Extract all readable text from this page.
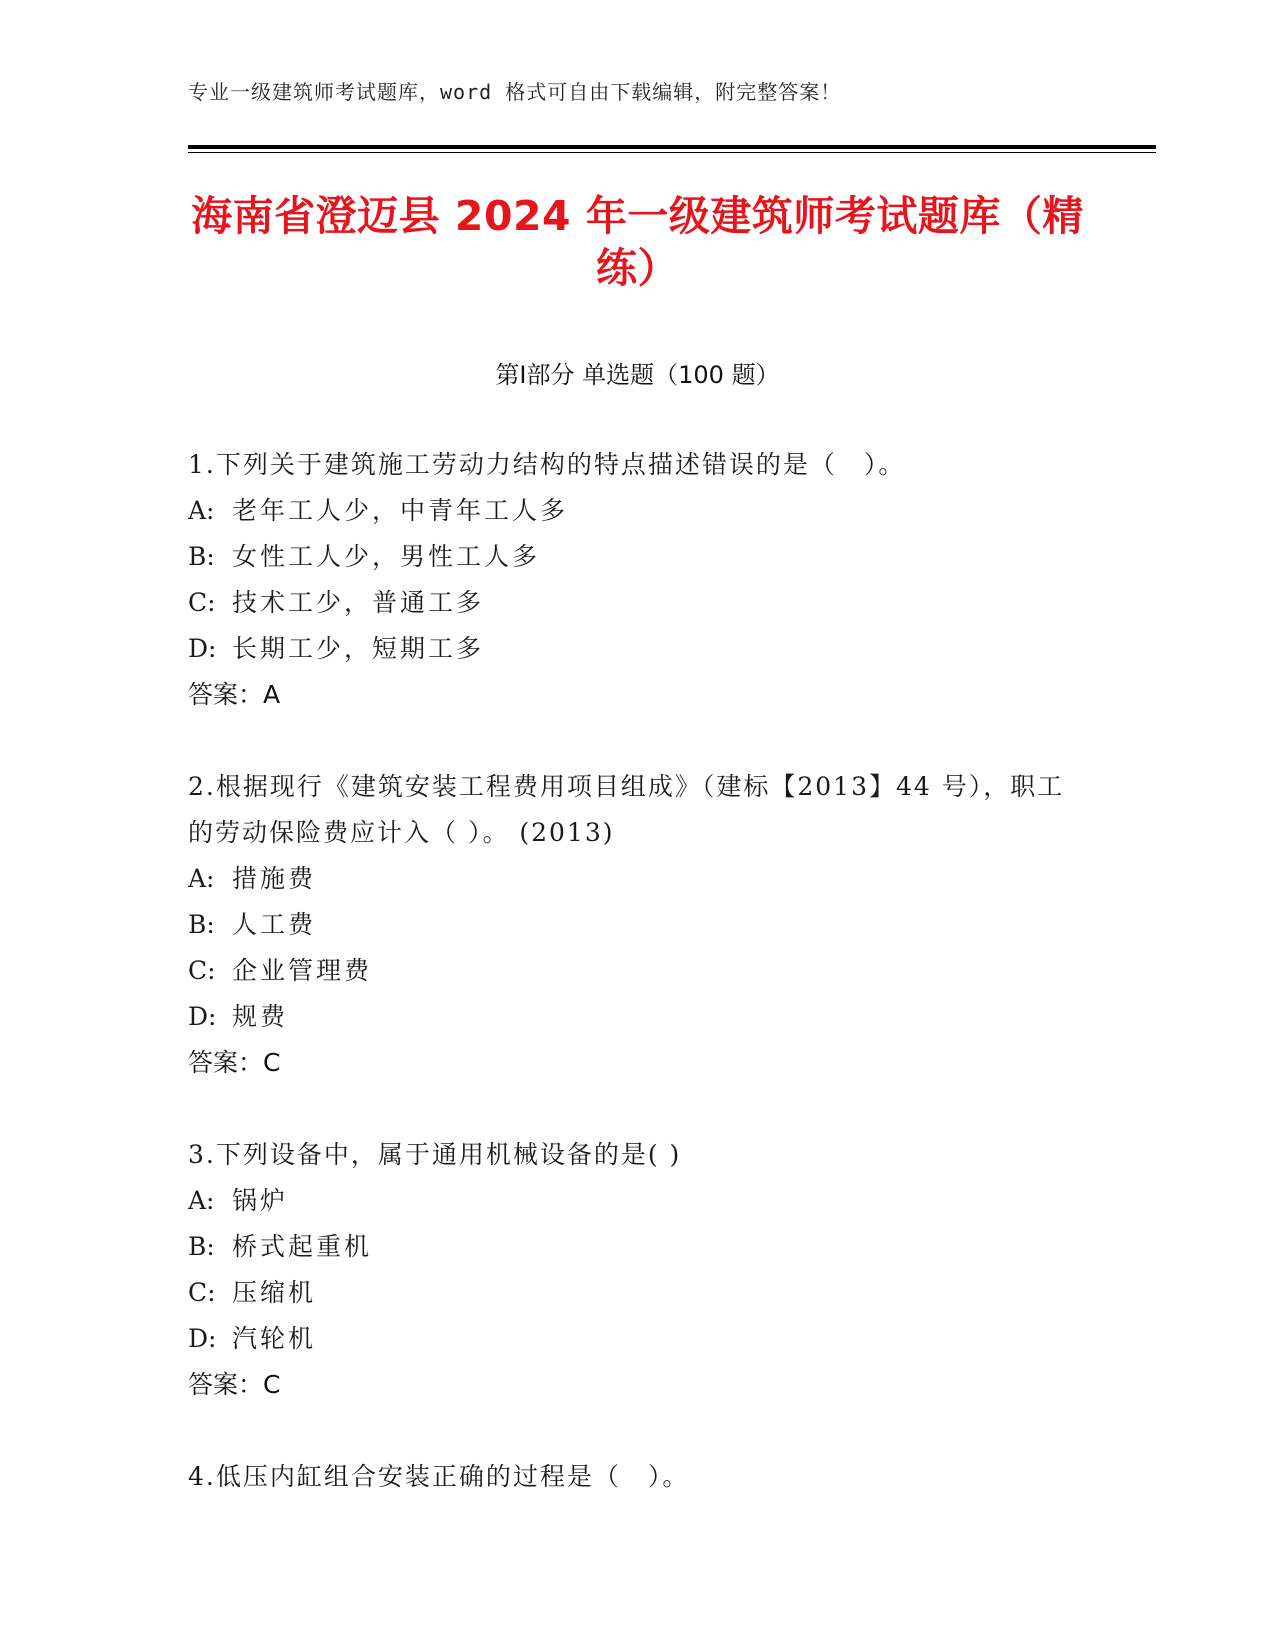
专业一级建筑师考试题库，word 格式可自由下载编辑，附完整答案！
海南省澄迈县 2024 年一级建筑师考试题库（精练）
第Ⅰ部分 单选题（100 题）
1.下列关于建筑施工劳动力结构的特点描述错误的是（　）。
A: 老年工人少，中青年工人多
B: 女性工人少，男性工人多
C: 技术工少，普通工多
D: 长期工少，短期工多
答案：A
2.根据现行《建筑安装工程费用项目组成》（建标【2013】44 号），职工的劳动保险费应计入（ ）。 (2013)
A: 措施费
B: 人工费
C: 企业管理费
D: 规费
答案：C
3.下列设备中，属于通用机械设备的是( )
A: 锅炉
B: 桥式起重机
C: 压缩机
D: 汽轮机
答案：C
4.低压内缸组合安装正确的过程是（　）。
